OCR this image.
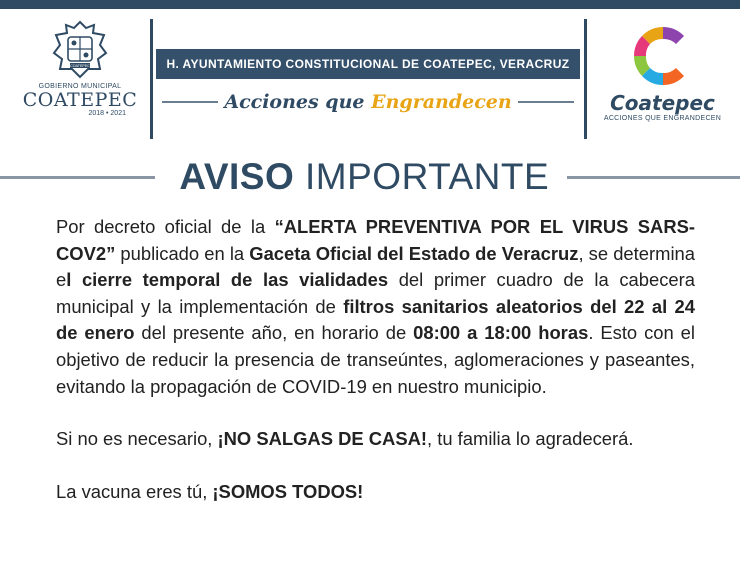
COATEPEC
GOBIERNO MUNICIPAL
COATEPEC
2018 • 2021
H. AYUNTAMIENTO CONSTITUCIONAL DE COATEPEC, VERACRUZ
Acciones que Engrandecen	Coatepec
ACCIONES QUE ENGRANDECEN
AVISO IMPORTANTE

Por decreto oficial de la “ALERTA PREVENTIVA POR EL VIRUS SARS-COV2” publicado en la Gaceta Oficial del Estado de Veracruz, se determina el cierre temporal de las vialidades del primer cuadro de la cabecera municipal y la implementación de filtros sanitarios aleatorios del 22 al 24 de enero del presente año, en horario de 08:00 a 18:00 horas. Esto con el objetivo de reducir la presencia de transeúntes, aglomeraciones y paseantes, evitando la propagación de COVID-19 en nuestro municipio.

Si no es necesario, ¡NO SALGAS DE CASA!, tu familia lo agradecerá.

La vacuna eres tú, ¡SOMOS TODOS!
